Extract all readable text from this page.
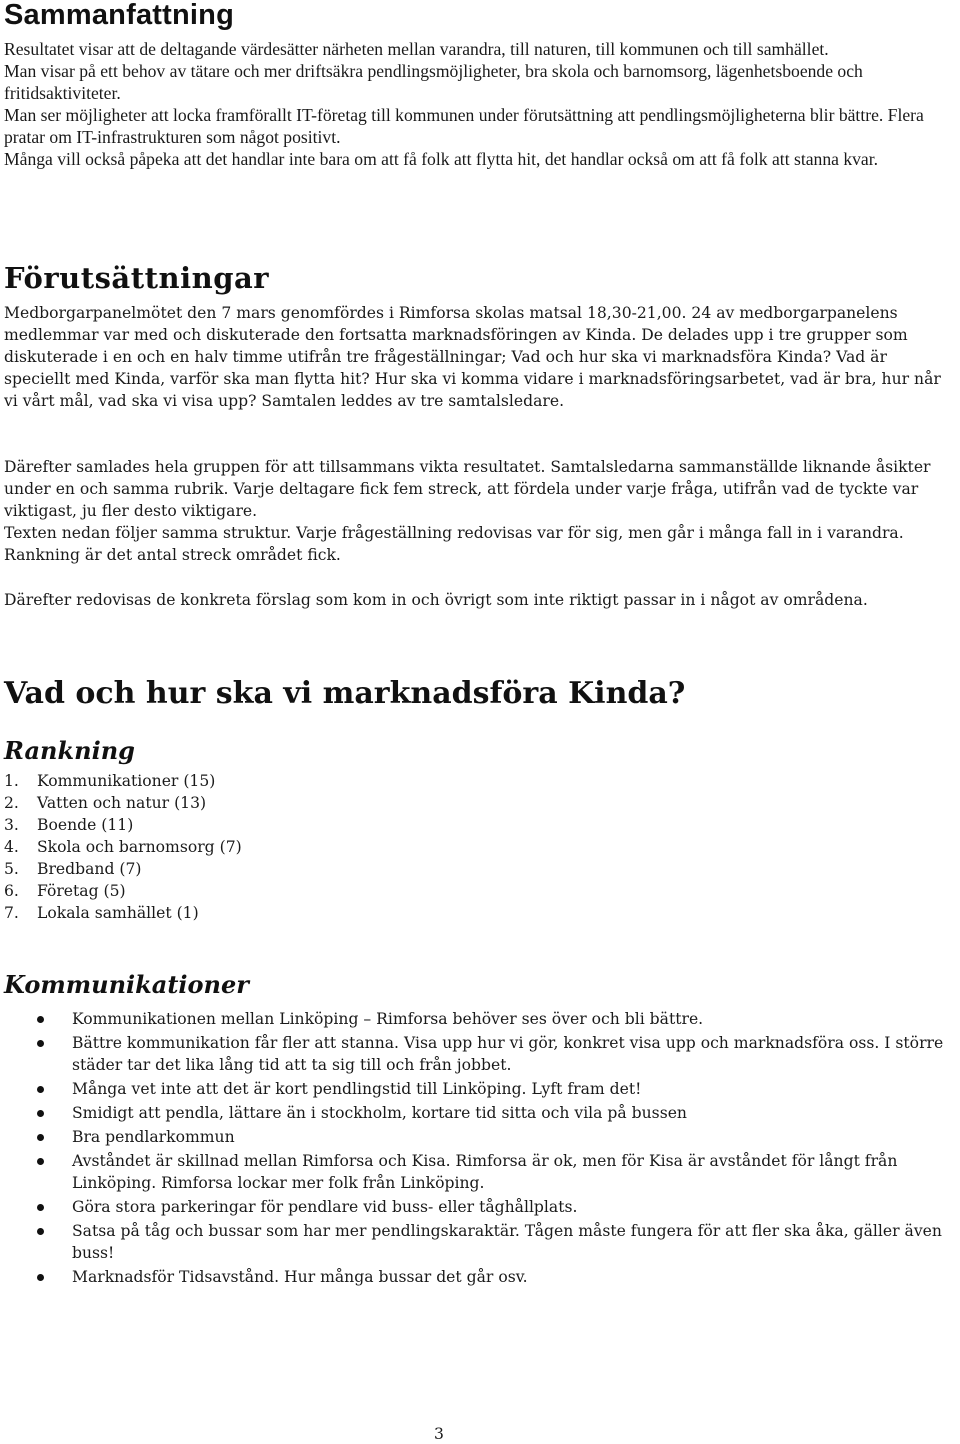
Sammanfattning

Resultatet visar att de deltagande värdesätter närheten mellan varandra, till naturen, till kommunen och till samhället.

Man visar på ett behov av tätare och mer driftsäkra pendlingsmöjligheter, bra skola och barnomsorg, lägenhetsboende och fritidsaktiviteter.

Man ser möjligheter att locka framförallt IT-företag till kommunen under förutsättning att pendlingsmöjligheterna blir bättre. Flera pratar om IT-infrastrukturen som något positivt.

Många vill också påpeka att det handlar inte bara om att få folk att flytta hit, det handlar också om att få folk att stanna kvar.

Förutsättningar

Medborgarpanelmötet den 7 mars genomfördes i Rimforsa skolas matsal 18,30-21,00. 24 av medborgarpanelens medlemmar var med och diskuterade den fortsatta marknadsföringen av Kinda. De delades upp i tre grupper som diskuterade i en och en halv timme utifrån tre frågeställningar; Vad och hur ska vi marknadsföra Kinda? Vad är speciellt med Kinda, varför ska man flytta hit? Hur ska vi komma vidare i marknadsföringsarbetet, vad är bra, hur når vi vårt mål, vad ska vi visa upp? Samtalen leddes av tre samtalsledare.

Därefter samlades hela gruppen för att tillsammans vikta resultatet. Samtalsledarna sammanställde liknande åsikter under en och samma rubrik. Varje deltagare fick fem streck, att fördela under varje fråga, utifrån vad de tyckte var viktigast, ju fler desto viktigare.

Texten nedan följer samma struktur. Varje frågeställning redovisas var för sig, men går i många fall in i varandra. Rankning är det antal streck området fick.

Därefter redovisas de konkreta förslag som kom in och övrigt som inte riktigt passar in i något av områdena.

Vad och hur ska vi marknadsföra Kinda?
Rankning
1.	Kommunikationer (15)
2.	Vatten och natur (13)
3.	Boende (11)
4.	Skola och barnomsorg (7)
5.	Bredband (7)
6.	Företag (5)
7.	Lokala samhället (1)
Kommunikationer
Kommunikationen mellan Linköping – Rimforsa behöver ses över och bli bättre.
Bättre kommunikation får fler att stanna. Visa upp hur vi gör, konkret visa upp och marknadsföra oss. I större städer tar det lika lång tid att ta sig till och från jobbet.
Många vet inte att det är kort pendlingstid till Linköping. Lyft fram det!
Smidigt att pendla, lättare än i stockholm, kortare tid sitta och vila på bussen
Bra pendlarkommun
Avståndet är skillnad mellan Rimforsa och Kisa. Rimforsa är ok, men för Kisa är avståndet för långt från Linköping. Rimforsa lockar mer folk från Linköping.
Göra stora parkeringar för pendlare vid buss- eller tåghållplats.
Satsa på tåg och bussar som har mer pendlingskaraktär. Tågen måste fungera för att fler ska åka, gäller även buss!
Marknadsför Tidsavstånd. Hur många bussar det går osv.
3
